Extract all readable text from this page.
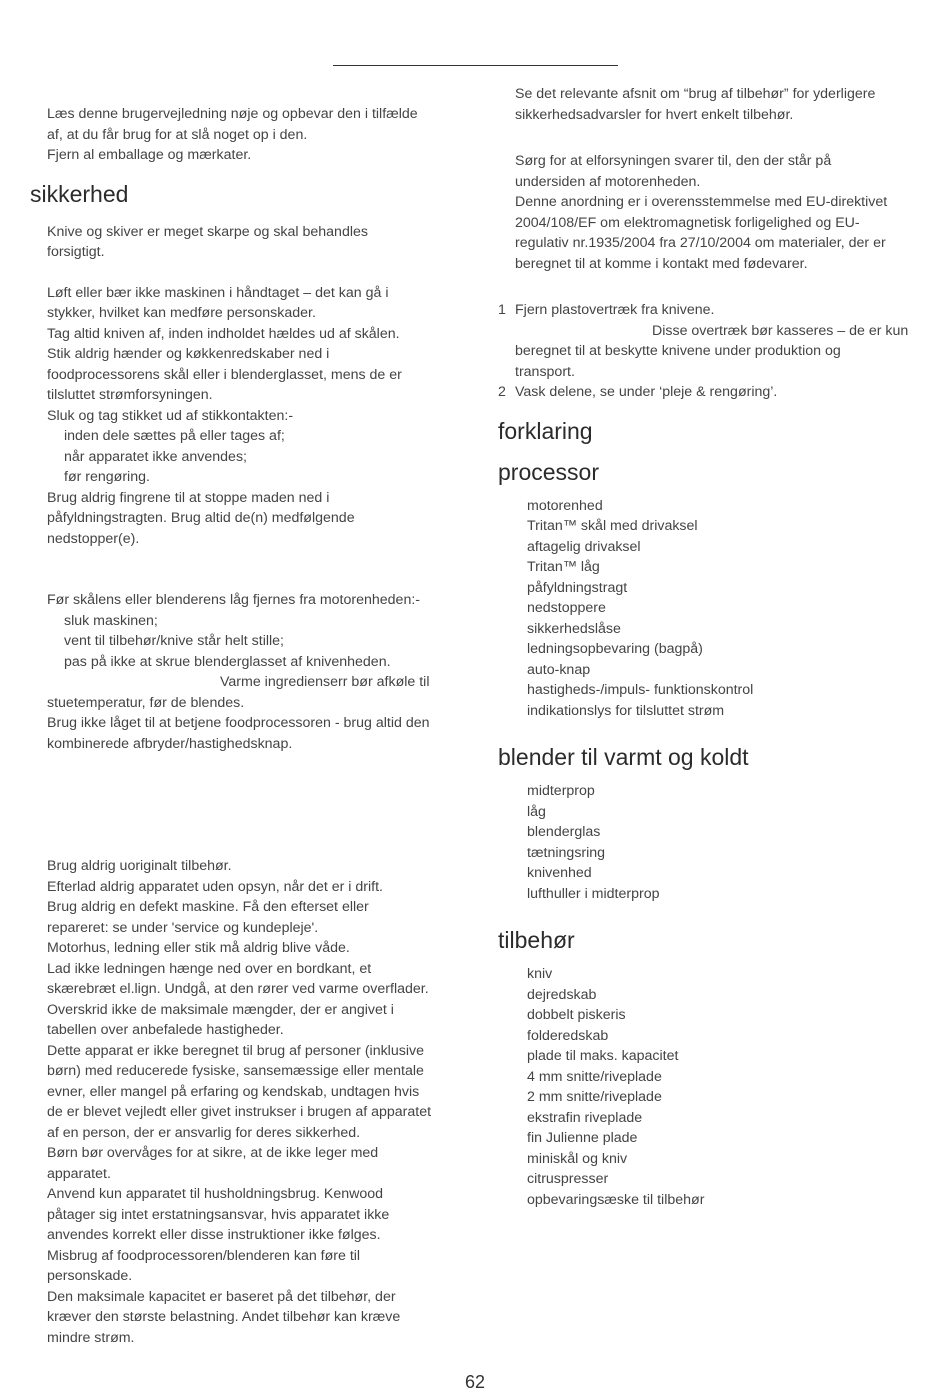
Læs denne brugervejledning nøje og opbevar den i tilfælde

af, at du får brug for at slå noget op i den.

Fjern al emballage og mærkater.

sikkerhed

Knive og skiver er meget skarpe og skal behandles

forsigtigt.

Løft eller bær ikke maskinen i håndtaget – det kan gå i

stykker, hvilket kan medføre personskader.

Tag altid kniven af, inden indholdet hældes ud af skålen.

Stik aldrig hænder og køkkenredskaber ned i

foodprocessorens skål eller i blenderglasset, mens de er

tilsluttet strømforsyningen.

Sluk og tag stikket ud af stikkontakten:-

inden dele sættes på eller tages af;

når apparatet ikke anvendes;

før rengøring.

Brug aldrig fingrene til at stoppe maden ned i

påfyldningstragten. Brug altid de(n) medfølgende

nedstopper(e).

Før skålens eller blenderens låg fjernes fra motorenheden:-

sluk maskinen;

vent til tilbehør/knive står helt stille;

pas på ikke at skrue blenderglasset af knivenheden.

Varme ingredienserr bør afkøle til

stuetemperatur, før de blendes.

Brug ikke låget til at betjene foodprocessoren - brug altid den

kombinerede afbryder/hastighedsknap.

Brug aldrig uoriginalt tilbehør.

Efterlad aldrig apparatet uden opsyn, når det er i drift.

Brug aldrig en defekt maskine. Få den efterset eller

repareret: se under 'service og kundepleje'.

Motorhus, ledning eller stik må aldrig blive våde.

Lad ikke ledningen hænge ned over en bordkant, et

skærebræt el.lign. Undgå, at den rører ved varme overflader.

Overskrid ikke de maksimale mængder, der er angivet i

tabellen over anbefalede hastigheder.

Dette apparat er ikke beregnet til brug af personer (inklusive

børn) med reducerede fysiske, sansemæssige eller mentale

evner, eller mangel på erfaring og kendskab, undtagen hvis

de er blevet vejledt eller givet instrukser i brugen af apparatet

af en person, der er ansvarlig for deres sikkerhed.

Børn bør overvåges for at sikre, at de ikke leger med

apparatet.

Anvend kun apparatet til husholdningsbrug. Kenwood

påtager sig intet erstatningsansvar, hvis apparatet ikke

anvendes korrekt eller disse instruktioner ikke følges.

Misbrug af foodprocessoren/blenderen kan føre til

personskade.

Den maksimale kapacitet er baseret på det tilbehør, der

kræver den største belastning. Andet tilbehør kan kræve

mindre strøm.

Se det relevante afsnit om “brug af tilbehør” for yderligere

sikkerhedsadvarsler for hvert enkelt tilbehør.

Sørg for at elforsyningen svarer til, den der står på

undersiden af motorenheden.

Denne anordning er i overensstemmelse med EU-direktivet

2004/108/EF om elektromagnetisk forligelighed og EU-

regulativ nr.1935/2004 fra 27/10/2004 om materialer, der er

beregnet til at komme i kontakt med fødevarer.

1 Fjern plastovertræk fra knivene.

Disse overtræk bør kasseres – de er kun

beregnet til at beskytte knivene under produktion og

transport.

2 Vask delene, se under ‘pleje & rengøring’.

forklaring
processor
motorenhed
Tritan™ skål med drivaksel
aftagelig drivaksel
Tritan™ låg
påfyldningstragt
nedstoppere
sikkerhedslåse
ledningsopbevaring (bagpå)
auto-knap
hastigheds-/impuls- funktionskontrol
indikationslys for tilsluttet strøm
blender til varmt og koldt
midterprop
låg
blenderglas
tætningsring
knivenhed
lufthuller i midterprop
tilbehør
kniv
dejredskab
dobbelt piskeris
folderedskab
plade til maks. kapacitet
4 mm snitte/riveplade
2 mm snitte/riveplade
ekstrafin riveplade
fin Julienne plade
miniskål og kniv
citruspresser
opbevaringsæske til tilbehør
62
